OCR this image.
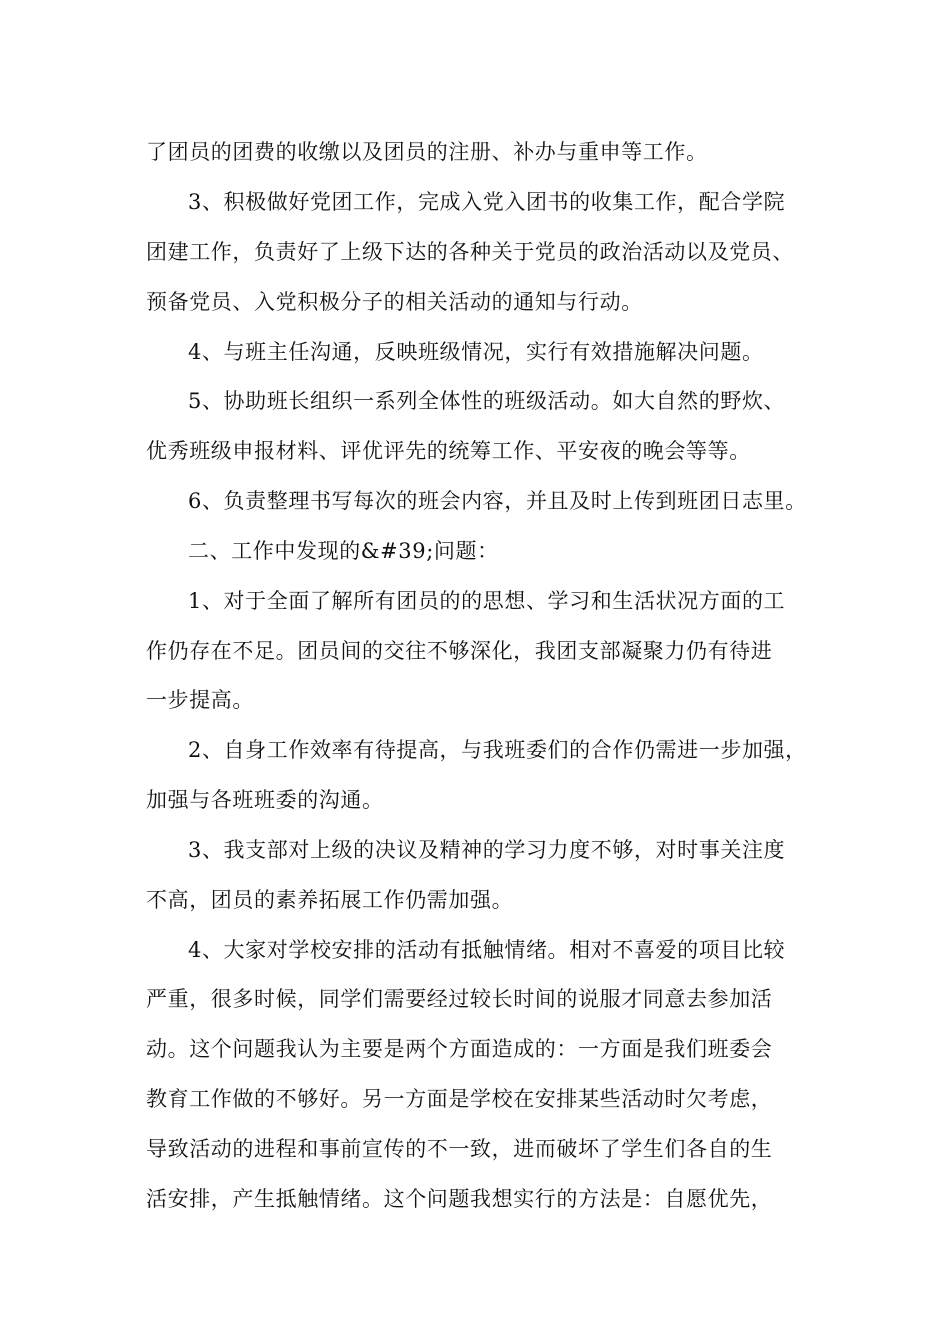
了团员的团费的收缴以及团员的注册、补办与重申等工作。
3、积极做好党团工作，完成入党入团书的收集工作，配合学院
团建工作，负责好了上级下达的各种关于党员的政治活动以及党员、
预备党员、入党积极分子的相关活动的通知与行动。
4、与班主任沟通，反映班级情况，实行有效措施解决问题。
5、协助班长组织一系列全体性的班级活动。如大自然的野炊、
优秀班级申报材料、评优评先的统筹工作、平安夜的晚会等等。
6、负责整理书写每次的班会内容，并且及时上传到班团日志里。
二、工作中发现的&#39;问题：
1、对于全面了解所有团员的的思想、学习和生活状况方面的工
作仍存在不足。团员间的交往不够深化，我团支部凝聚力仍有待进
一步提高。
2、自身工作效率有待提高，与我班委们的合作仍需进一步加强，
加强与各班班委的沟通。
3、我支部对上级的决议及精神的学习力度不够，对时事关注度
不高，团员的素养拓展工作仍需加强。
4、大家对学校安排的活动有抵触情绪。相对不喜爱的项目比较
严重，很多时候，同学们需要经过较长时间的说服才同意去参加活
动。这个问题我认为主要是两个方面造成的：一方面是我们班委会
教育工作做的不够好。另一方面是学校在安排某些活动时欠考虑，
导致活动的进程和事前宣传的不一致，进而破坏了学生们各自的生
活安排，产生抵触情绪。这个问题我想实行的方法是：自愿优先，
